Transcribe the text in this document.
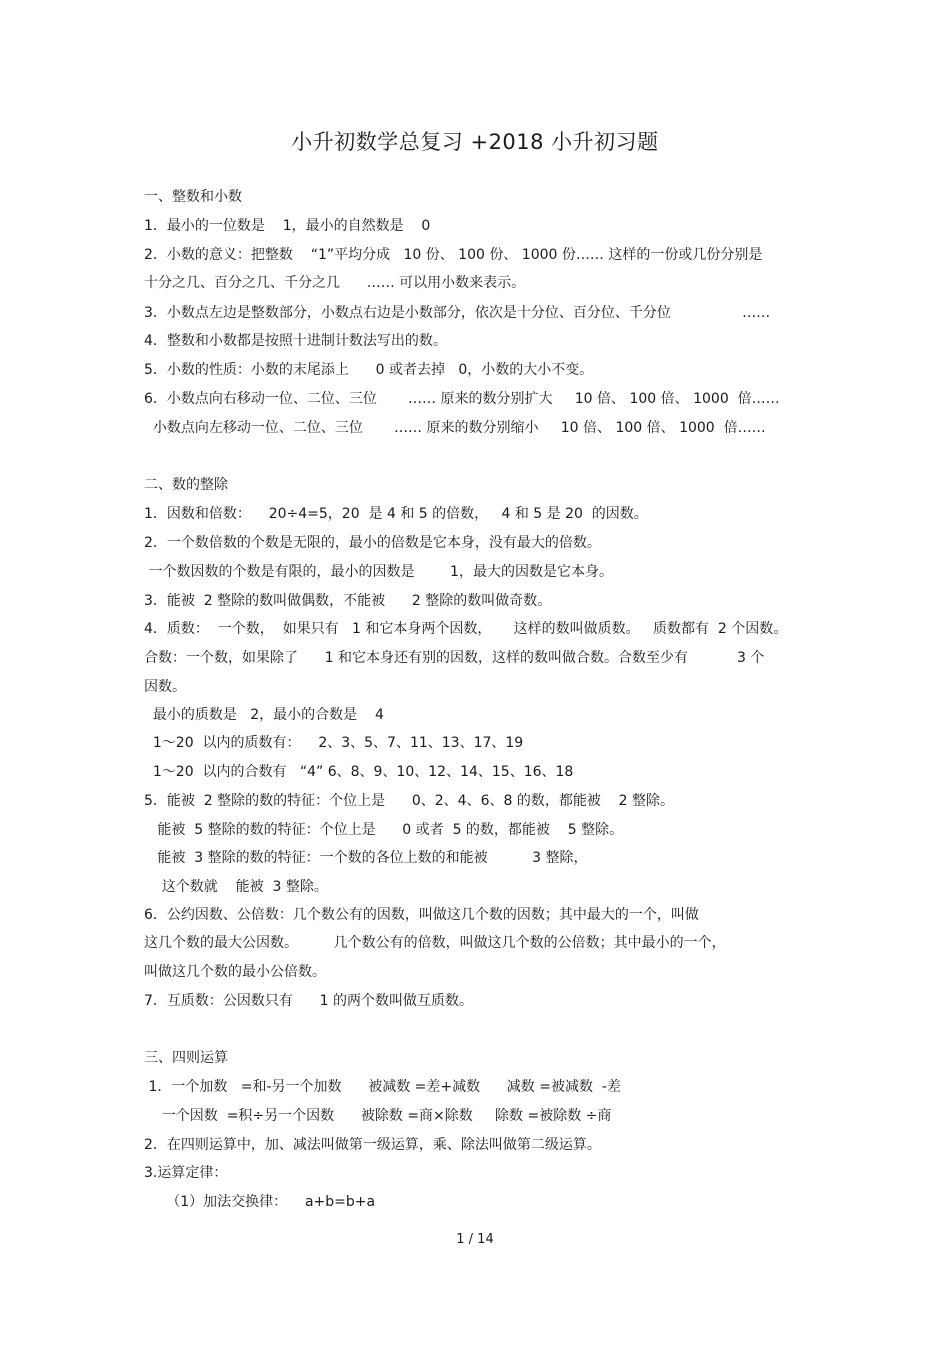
小升初数学总复习 +2018 小升初习题
一、整数和小数
1．最小的一位数是    1，最小的自然数是    0
2．小数的意义：把整数    “1”平均分成   10 份、 100 份、 1000 份…… 这样的一份或几份分别是
十分之几、百分之几、千分之几      …… 可以用小数来表示。
3．小数点左边是整数部分，小数点右边是小数部分，依次是十分位、百分位、千分位                ……
4．整数和小数都是按照十进制计数法写出的数。
5．小数的性质：小数的末尾添上      0 或者去掉   0，小数的大小不变。
6．小数点向右移动一位、二位、三位       …… 原来的数分别扩大     10 倍、 100 倍、 1000  倍……
小数点向左移动一位、二位、三位       …… 原来的数分别缩小     10 倍、 100 倍、 1000  倍……
二、数的整除
1．因数和倍数：    20÷4=5，20  是 4 和 5 的倍数，   4 和 5 是 20  的因数。
2．一个数倍数的个数是无限的，最小的倍数是它本身，没有最大的倍数。
一个数因数的个数是有限的，最小的因数是        1，最大的因数是它本身。
3．能被  2 整除的数叫做偶数，不能被      2 整除的数叫做奇数。
4．质数：  一个数，  如果只有   1 和它本身两个因数，     这样的数叫做质数。   质数都有  2 个因数。
合数：一个数，如果除了      1 和它本身还有别的因数，这样的数叫做合数。合数至少有           3 个
因数。
最小的质数是   2，最小的合数是    4
1～20  以内的质数有：    2、3、5、7、11、13、17、19
1～20  以内的合数有   “4” 6、8、9、10、12、14、15、16、18
5．能被  2 整除的数的特征：个位上是      0、2、4、6、8 的数，都能被    2 整除。
能被  5 整除的数的特征：个位上是      0 或者  5 的数，都能被    5 整除。
能被  3 整除的数的特征：一个数的各位上数的和能被          3 整除，
这个数就    能被  3 整除。
6．公约因数、公倍数：几个数公有的因数，叫做这几个数的因数；其中最大的一个，叫做
这几个数的最大公因数。        几个数公有的倍数，叫做这几个数的公倍数；其中最小的一个，
叫做这几个数的最小公倍数。
7．互质数：公因数只有      1 的两个数叫做互质数。
三、四则运算
1．一个加数   =和-另一个加数      被减数 =差+减数      减数 =被减数  -差
一个因数  =积÷另一个因数      被除数 =商×除数     除数 =被除数 ÷商
2．在四则运算中，加、减法叫做第一级运算，乘、除法叫做第二级运算。
3.运算定律：
（1）加法交换律：    a+b=b+a
1 / 14
